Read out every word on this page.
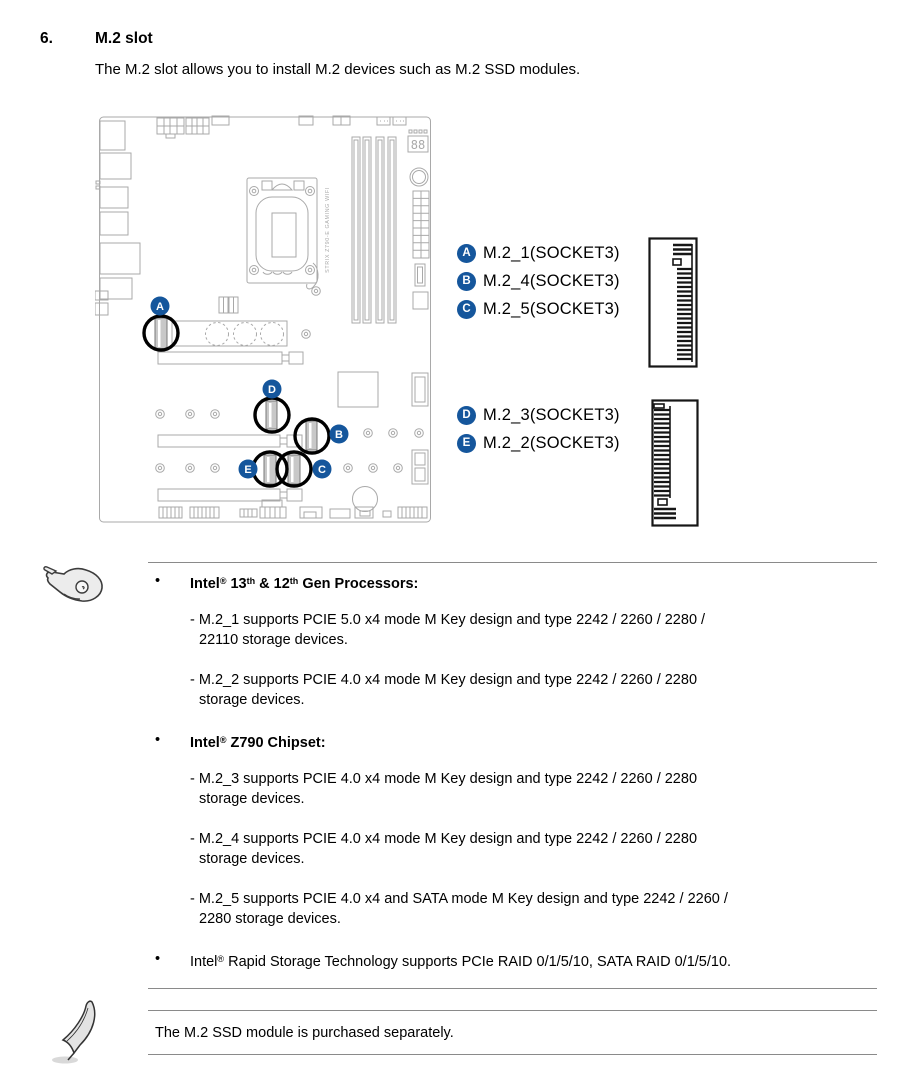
6.	M.2 slot
The M.2 slot allows you to install M.2 devices such as M.2 SSD modules.
STRIX Z790-E GAMING WIFI
A
D
B
E	C
88
A M.2_1(SOCKET3)
B M.2_4(SOCKET3)
C M.2_5(SOCKET3)
D M.2_3(SOCKET3)
E M.2_2(SOCKET3)
•	Intel® 13th & 12th Gen Processors:
- M.2_1 supports PCIE 5.0 x4 mode M Key design and type 2242 / 2260 / 2280 /
22110 storage devices.
- M.2_2 supports PCIE 4.0 x4 mode M Key design and type 2242 / 2260 / 2280
storage devices.
•	Intel® Z790 Chipset:
- M.2_3 supports PCIE 4.0 x4 mode M Key design and type 2242 / 2260 / 2280
storage devices.
- M.2_4 supports PCIE 4.0 x4 mode M Key design and type 2242 / 2260 / 2280
storage devices.
- M.2_5 supports PCIE 4.0 x4 and SATA mode M Key design and type 2242 / 2260 /
2280 storage devices.
•	Intel® Rapid Storage Technology supports PCIe RAID 0/1/5/10, SATA RAID 0/1/5/10.
The M.2 SSD module is purchased separately.
